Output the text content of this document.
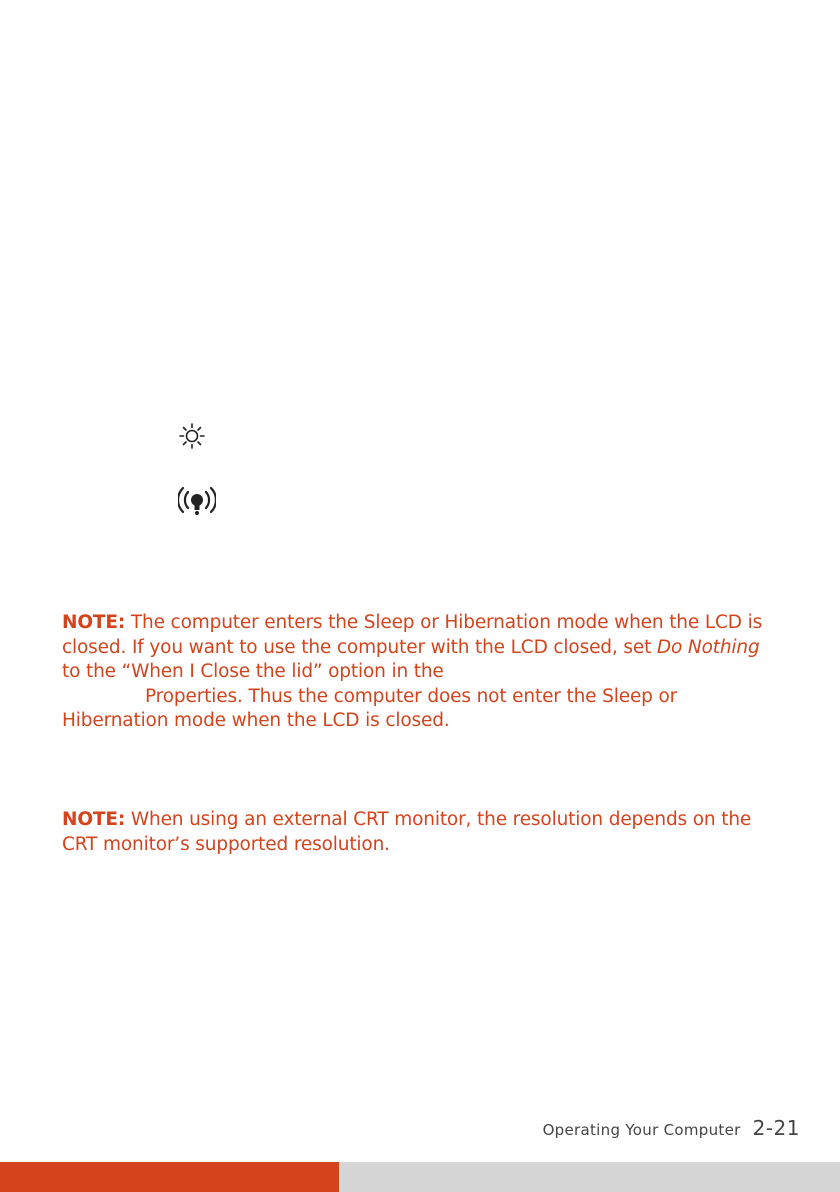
NOTE: The computer enters the Sleep or Hibernation mode when the LCD is
closed. If you want to use the computer with the LCD closed, set Do Nothing
to the “When I Close the lid” option in the
Properties. Thus the computer does not enter the Sleep or
Hibernation mode when the LCD is closed.
NOTE: When using an external CRT monitor, the resolution depends on the
CRT monitor’s supported resolution.
Operating Your Computer 2-21
